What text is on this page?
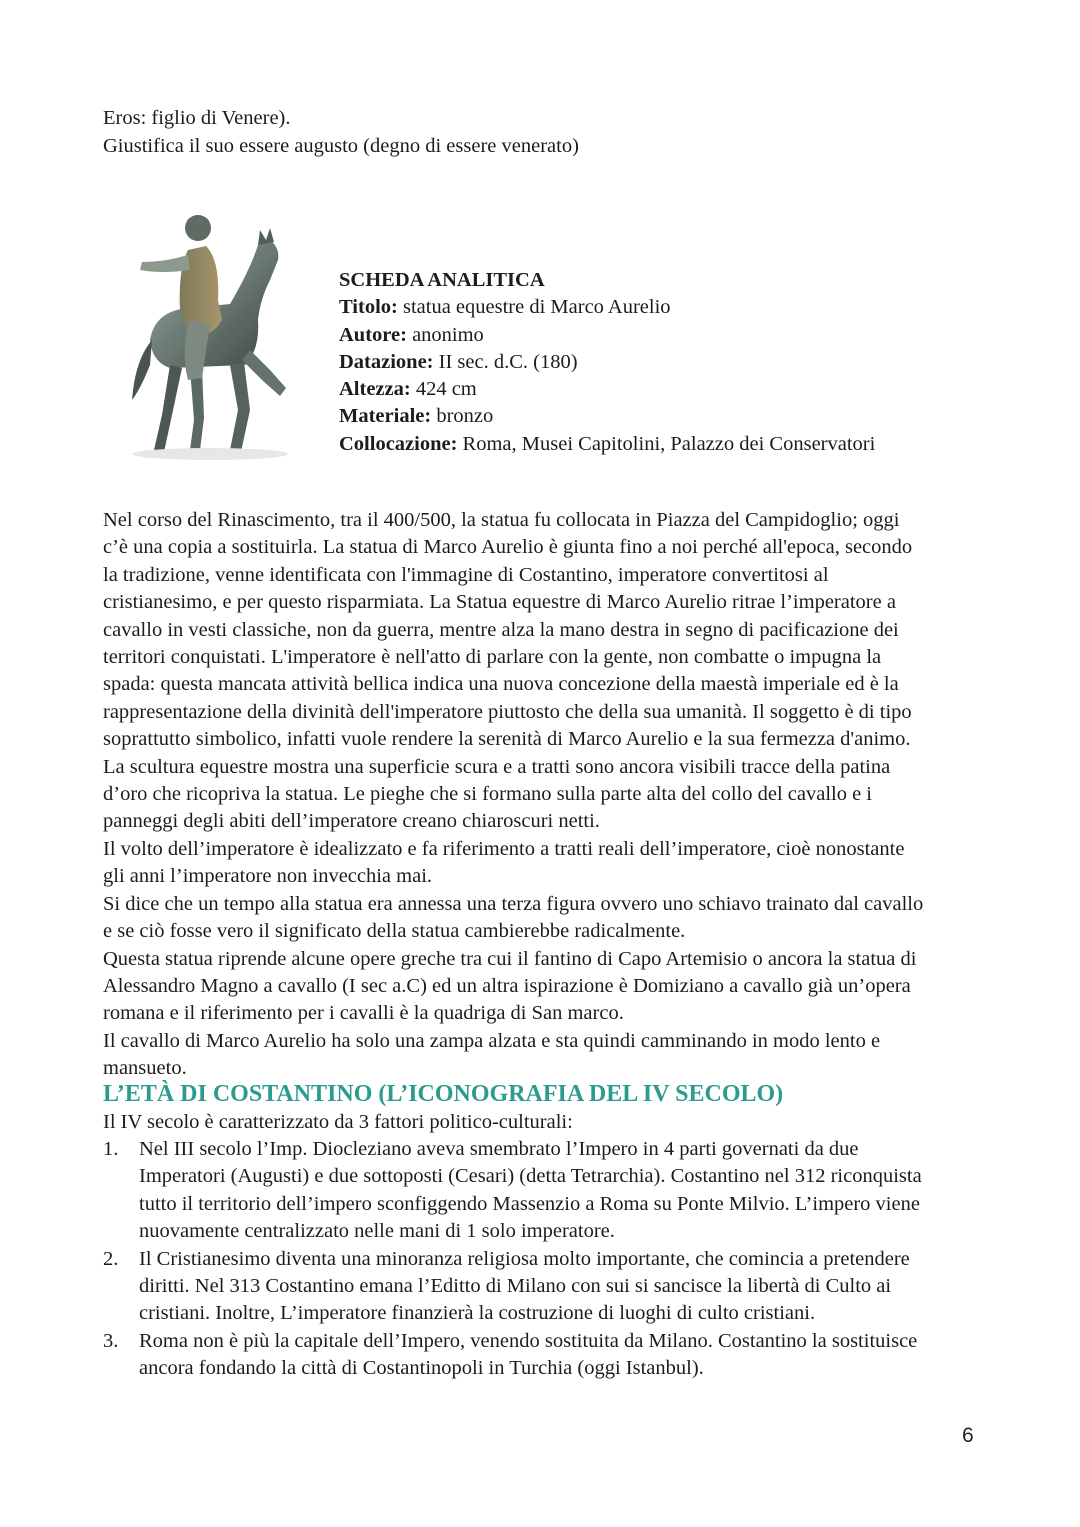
Eros: figlio di Venere).
Giustifica il suo essere augusto (degno di essere venerato)
SCHEDA ANALITICA
Titolo: statua equestre di Marco Aurelio
Autore: anonimo
Datazione: II sec. d.C. (180)
Altezza: 424 cm
Materiale: bronzo
Collocazione: Roma, Musei Capitolini, Palazzo dei Conservatori

Nel corso del Rinascimento, tra il 400/500, la statua fu collocata in Piazza del Campidoglio; oggi

c’è una copia a sostituirla. La statua di Marco Aurelio è giunta fino a noi perché all'epoca, secondo

la tradizione, venne identificata con l'immagine di Costantino, imperatore convertitosi al

cristianesimo, e per questo risparmiata. La Statua equestre di Marco Aurelio ritrae l’imperatore a

cavallo in vesti classiche, non da guerra, mentre alza la mano destra in segno di pacificazione dei

territori conquistati. L'imperatore è nell'atto di parlare con la gente, non combatte o impugna la

spada: questa mancata attività bellica indica una nuova concezione della maestà imperiale ed è la

rappresentazione della divinità dell'imperatore piuttosto che della sua umanità. Il soggetto è di tipo

soprattutto simbolico, infatti vuole rendere la serenità di Marco Aurelio e la sua fermezza d'animo.

La scultura equestre mostra una superficie scura e a tratti sono ancora visibili tracce della patina

d’oro che ricopriva la statua. Le pieghe che si formano sulla parte alta del collo del cavallo e i

panneggi degli abiti dell’imperatore creano chiaroscuri netti.

Il volto dell’imperatore è idealizzato e fa riferimento a tratti reali dell’imperatore, cioè nonostante

gli anni l’imperatore non invecchia mai.

Si dice che un tempo alla statua era annessa una terza figura ovvero uno schiavo trainato dal cavallo

e se ciò fosse vero il significato della statua cambierebbe radicalmente.

Questa statua riprende alcune opere greche tra cui il fantino di Capo Artemisio o ancora la statua di

Alessandro Magno a cavallo (I sec a.C) ed un altra ispirazione è Domiziano a cavallo già un’opera

romana e il riferimento per i cavalli è la quadriga di San marco.

Il cavallo di Marco Aurelio ha solo una zampa alzata e sta quindi camminando in modo lento e

mansueto.

L’ETÀ DI COSTANTINO (L’ICONOGRAFIA DEL IV SECOLO)
Il IV secolo è caratterizzato da 3 fattori politico-culturali:
1. Nel III secolo l’Imp. Diocleziano aveva smembrato l’Impero in 4 parti governati da due
Imperatori (Augusti) e due sottoposti (Cesari) (detta Tetrarchia). Costantino nel 312 riconquista
tutto il territorio dell’impero sconfiggendo Massenzio a Roma su Ponte Milvio. L’impero viene
nuovamente centralizzato nelle mani di 1 solo imperatore.
2. Il Cristianesimo diventa una minoranza religiosa molto importante, che comincia a pretendere
diritti. Nel 313 Costantino emana l’Editto di Milano con sui si sancisce la libertà di Culto ai
cristiani. Inoltre, L’imperatore finanzierà la costruzione di luoghi di culto cristiani.
3. Roma non è più la capitale dell’Impero, venendo sostituita da Milano. Costantino la sostituisce
ancora fondando la città di Costantinopoli in Turchia (oggi Istanbul).
6
